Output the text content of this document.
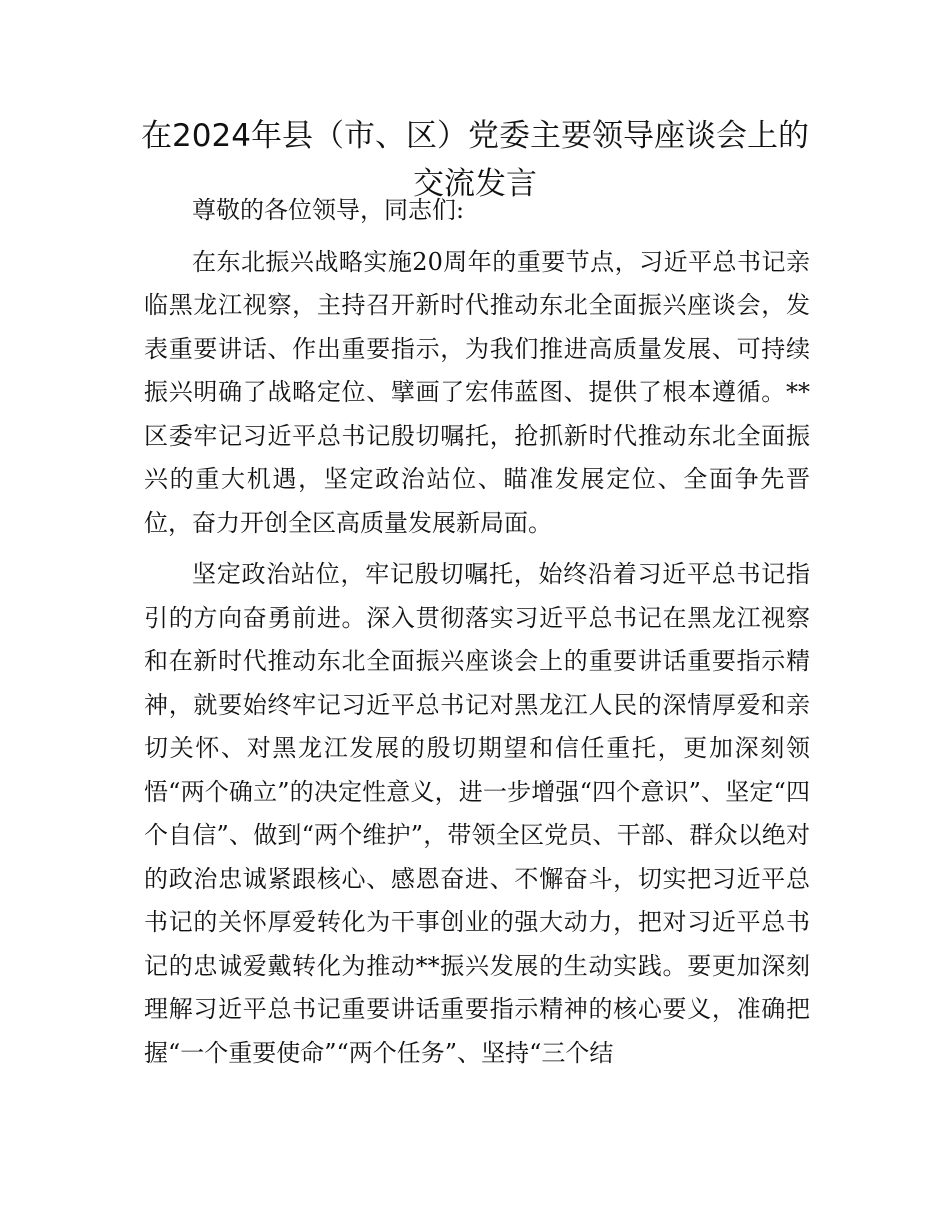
在2024年县（市、区）党委主要领导座谈会上的交流发言

尊敬的各位领导，同志们:

在东北振兴战略实施20周年的重要节点，习近平总书记亲临黑龙江视察，主持召开新时代推动东北全面振兴座谈会，发表重要讲话、作出重要指示，为我们推进高质量发展、可持续振兴明确了战略定位、擘画了宏伟蓝图、提供了根本遵循。**区委牢记习近平总书记殷切嘱托，抢抓新时代推动东北全面振兴的重大机遇，坚定政治站位、瞄准发展定位、全面争先晋位，奋力开创全区高质量发展新局面。

坚定政治站位，牢记殷切嘱托，始终沿着习近平总书记指引的方向奋勇前进。深入贯彻落实习近平总书记在黑龙江视察和在新时代推动东北全面振兴座谈会上的重要讲话重要指示精神，就要始终牢记习近平总书记对黑龙江人民的深情厚爱和亲切关怀、对黑龙江发展的殷切期望和信任重托，更加深刻领悟“两个确立”的决定性意义，进一步增强“四个意识”、坚定“四个自信”、做到“两个维护”，带领全区党员、干部、群众以绝对的政治忠诚紧跟核心、感恩奋进、不懈奋斗，切实把习近平总书记的关怀厚爱转化为干事创业的强大动力，把对习近平总书记的忠诚爱戴转化为推动**振兴发展的生动实践。要更加深刻理解习近平总书记重要讲话重要指示精神的核心要义，准确把握“一个重要使命”“两个任务”、坚持“三个结
